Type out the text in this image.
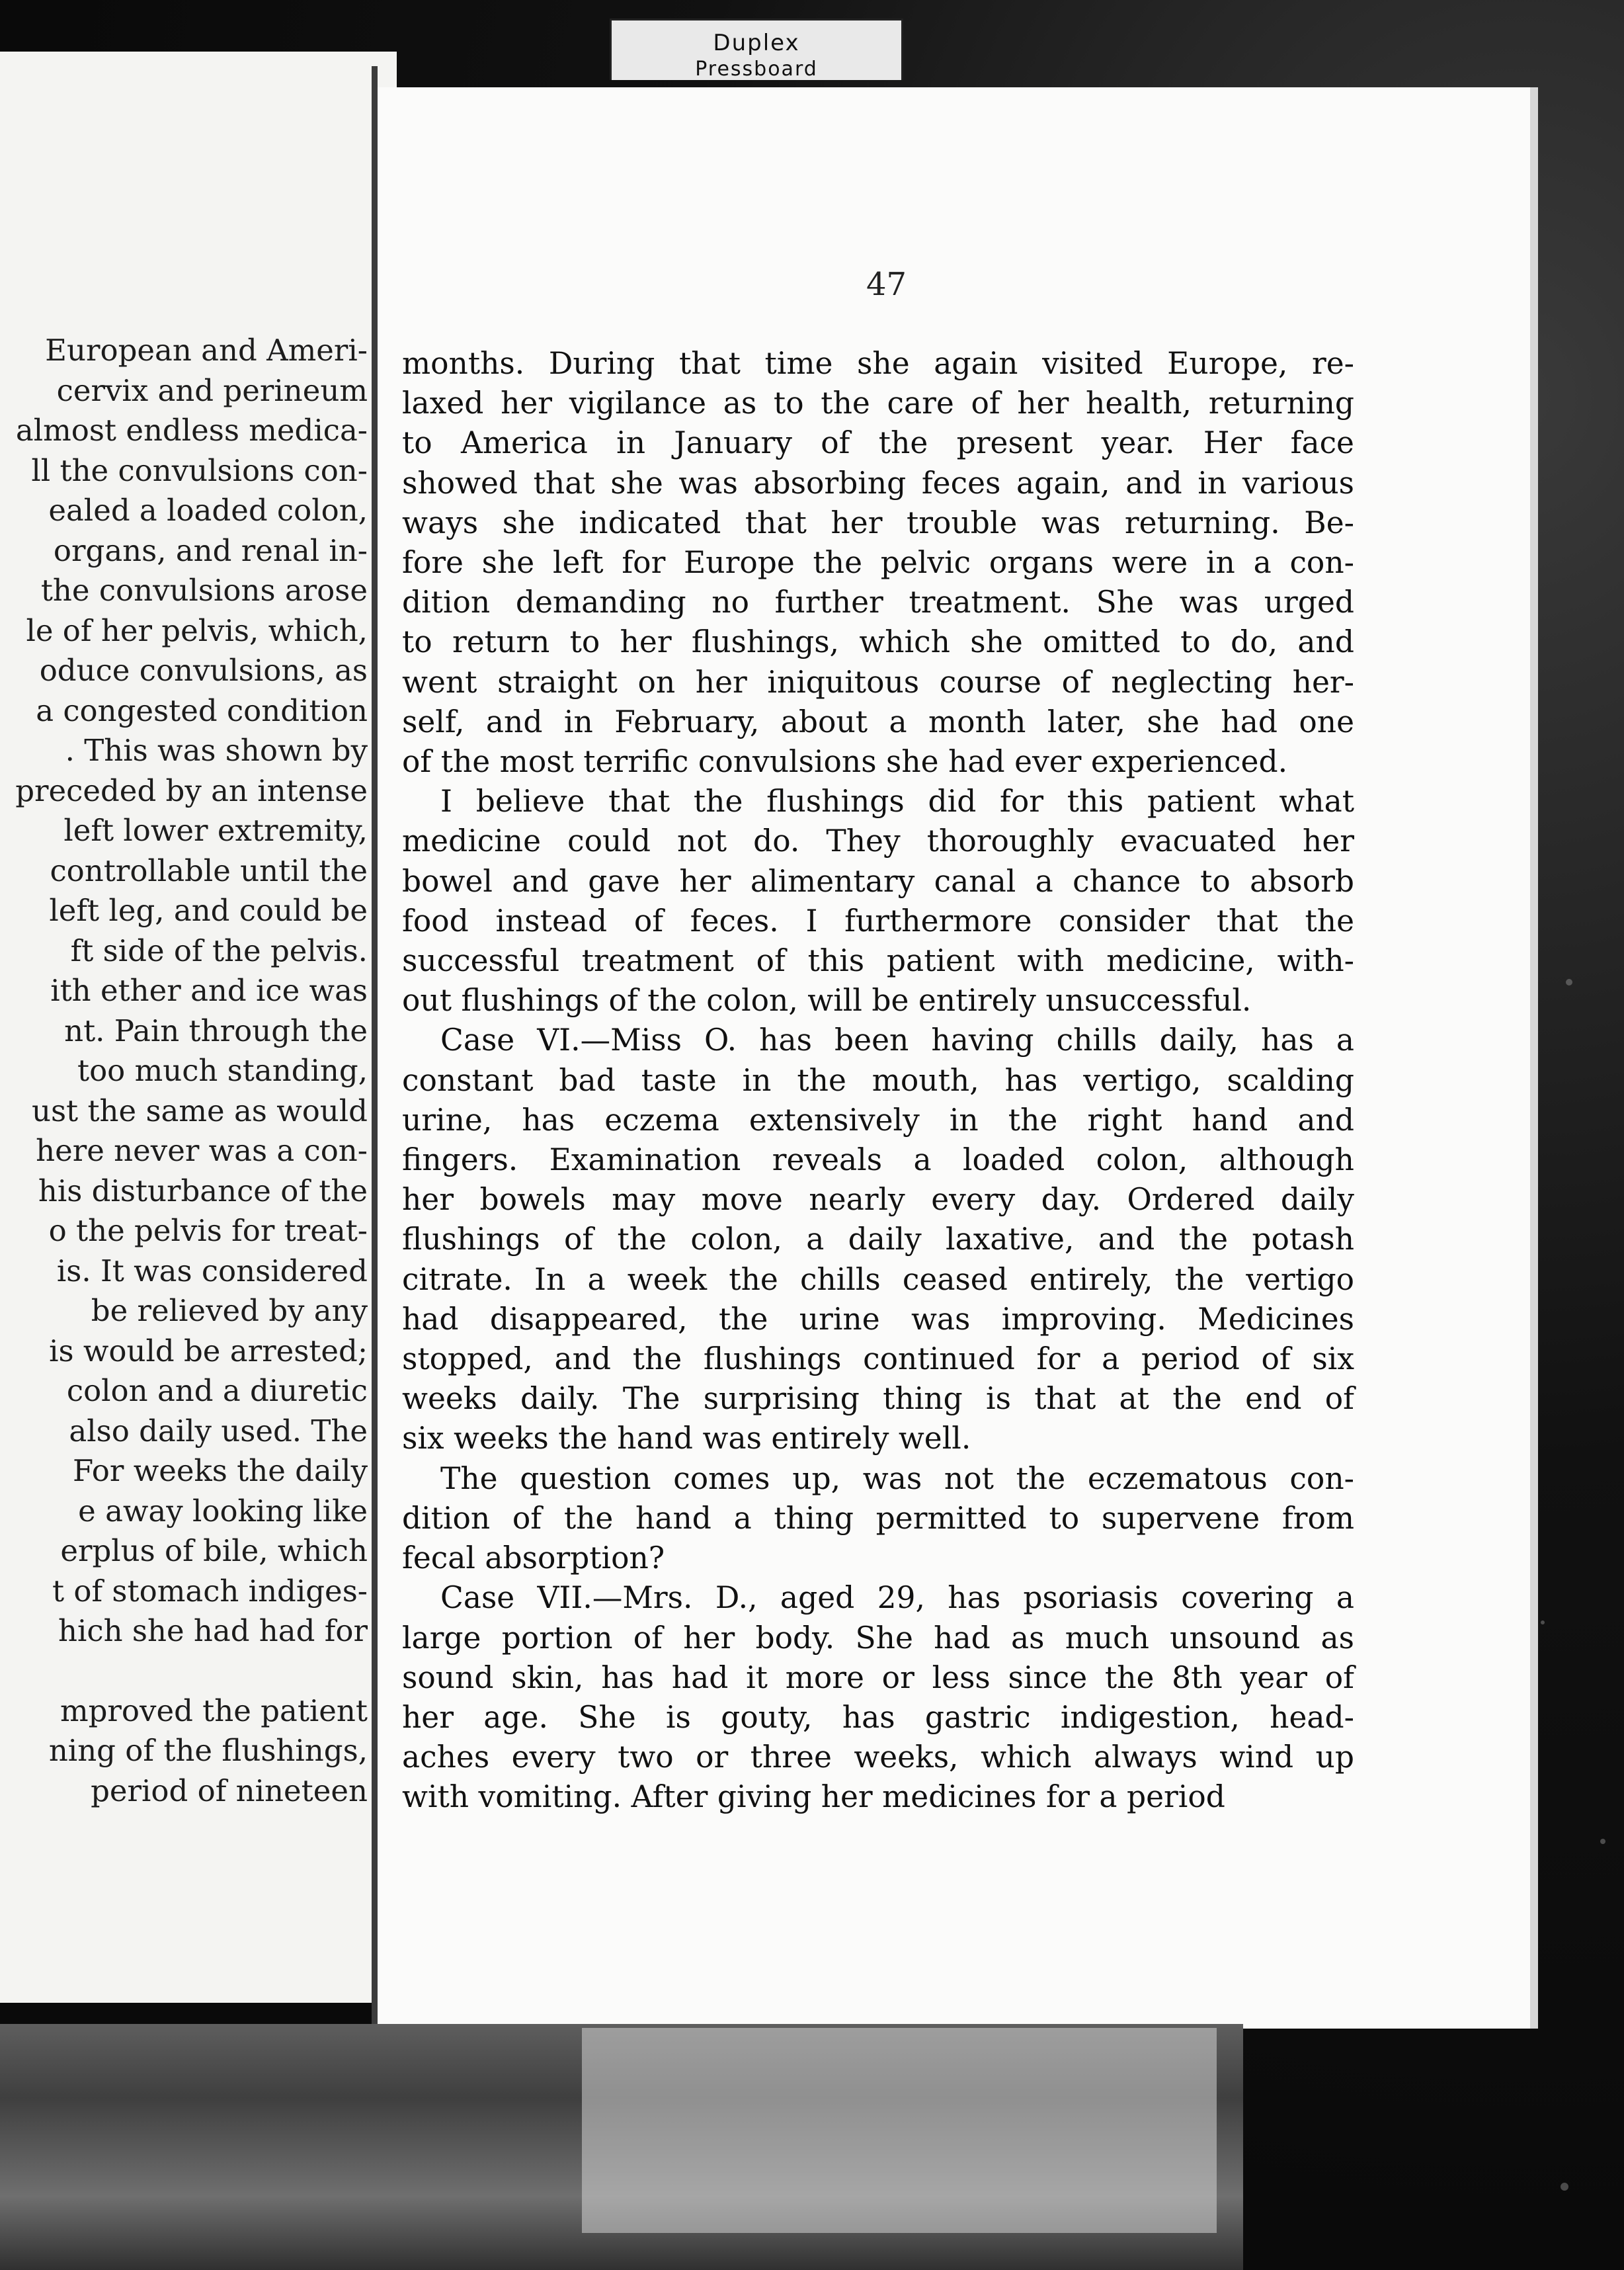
Duplex
Pressboard
European and Ameri-
cervix and perineum
almost endless medica-
ll the convulsions con-
ealed a loaded colon,
organs, and renal in-
the convulsions arose
le of her pelvis, which,
oduce convulsions, as
a congested condition
. This was shown by
preceded by an intense
left lower extremity,
controllable until the
left leg, and could be
ft side of the pelvis.
ith ether and ice was
nt. Pain through the
too much standing,
ust the same as would
here never was a con-
his disturbance of the
o the pelvis for treat-
is. It was considered
be relieved by any
is would be arrested;
colon and a diuretic
also daily used. The
For weeks the daily
e away looking like
erplus of bile, which
t of stomach indiges-
hich she had had for
mproved the patient
ning of the flushings,
period of nineteen
47
months. During that time she again visited Europe, re-
laxed her vigilance as to the care of her health, returning
to America in January of the present year. Her face
showed that she was absorbing feces again, and in various
ways she indicated that her trouble was returning. Be-
fore she left for Europe the pelvic organs were in a con-
dition demanding no further treatment. She was urged
to return to her flushings, which she omitted to do, and
went straight on her iniquitous course of neglecting her-
self, and in February, about a month later, she had one
of the most terrific convulsions she had ever experienced.
I believe that the flushings did for this patient what
medicine could not do. They thoroughly evacuated her
bowel and gave her alimentary canal a chance to absorb
food instead of feces. I furthermore consider that the
successful treatment of this patient with medicine, with-
out flushings of the colon, will be entirely unsuccessful.
Case VI.—Miss O. has been having chills daily, has a
constant bad taste in the mouth, has vertigo, scalding
urine, has eczema extensively in the right hand and
fingers. Examination reveals a loaded colon, although
her bowels may move nearly every day. Ordered daily
flushings of the colon, a daily laxative, and the potash
citrate. In a week the chills ceased entirely, the vertigo
had disappeared, the urine was improving. Medicines
stopped, and the flushings continued for a period of six
weeks daily. The surprising thing is that at the end of
six weeks the hand was entirely well.
The question comes up, was not the eczematous con-
dition of the hand a thing permitted to supervene from
fecal absorption?
Case VII.—Mrs. D., aged 29, has psoriasis covering a
large portion of her body. She had as much unsound as
sound skin, has had it more or less since the 8th year of
her age. She is gouty, has gastric indigestion, head-
aches every two or three weeks, which always wind up
with vomiting. After giving her medicines for a period
